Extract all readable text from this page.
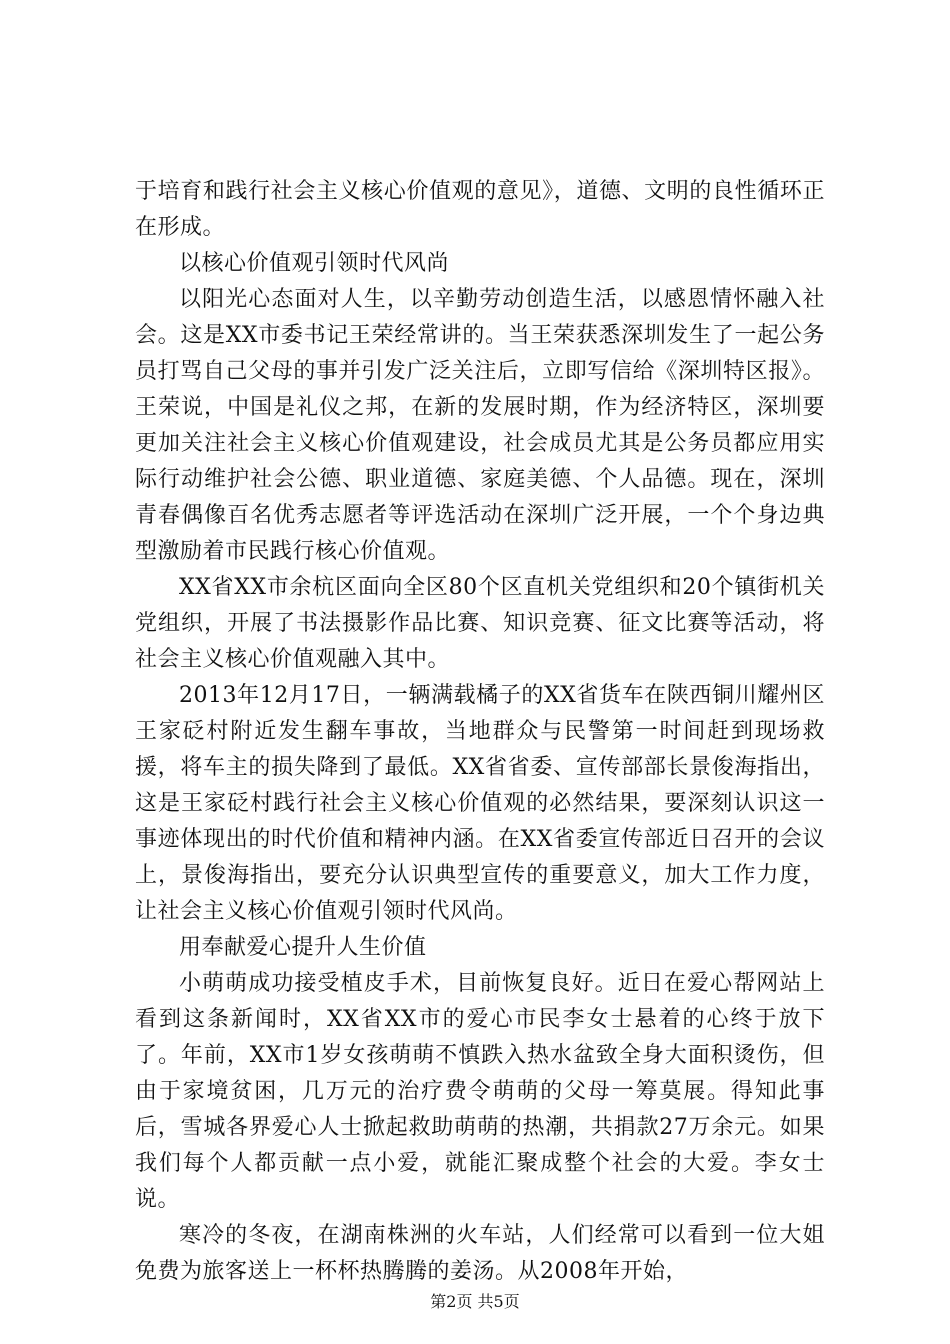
于培育和践行社会主义核心价值观的意见》，道德、文明的良性循环正在形成。

以核心价值观引领时代风尚

以阳光心态面对人生，以辛勤劳动创造生活，以感恩情怀融入社会。这是XX市委书记王荣经常讲的。当王荣获悉深圳发生了一起公务员打骂自己父母的事并引发广泛关注后，立即写信给《深圳特区报》。王荣说，中国是礼仪之邦，在新的发展时期，作为经济特区，深圳要更加关注社会主义核心价值观建设，社会成员尤其是公务员都应用实际行动维护社会公德、职业道德、家庭美德、个人品德。现在，深圳青春偶像百名优秀志愿者等评选活动在深圳广泛开展，一个个身边典型激励着市民践行核心价值观。

XX省XX市余杭区面向全区80个区直机关党组织和20个镇街机关党组织，开展了书法摄影作品比赛、知识竞赛、征文比赛等活动，将社会主义核心价值观融入其中。

2013年12月17日，一辆满载橘子的XX省货车在陕西铜川耀州区王家砭村附近发生翻车事故，当地群众与民警第一时间赶到现场救援，将车主的损失降到了最低。XX省省委、宣传部部长景俊海指出，这是王家砭村践行社会主义核心价值观的必然结果，要深刻认识这一事迹体现出的时代价值和精神内涵。在XX省委宣传部近日召开的会议上，景俊海指出，要充分认识典型宣传的重要意义，加大工作力度，让社会主义核心价值观引领时代风尚。

用奉献爱心提升人生价值

小萌萌成功接受植皮手术，目前恢复良好。近日在爱心帮网站上看到这条新闻时，XX省XX市的爱心市民李女士悬着的心终于放下了。年前，XX市1岁女孩萌萌不慎跌入热水盆致全身大面积烫伤，但由于家境贫困，几万元的治疗费令萌萌的父母一筹莫展。得知此事后，雪城各界爱心人士掀起救助萌萌的热潮，共捐款27万余元。如果我们每个人都贡献一点小爱，就能汇聚成整个社会的大爱。李女士说。

寒冷的冬夜，在湖南株洲的火车站，人们经常可以看到一位大姐免费为旅客送上一杯杯热腾腾的姜汤。从2008年开始，

第2页 共5页
